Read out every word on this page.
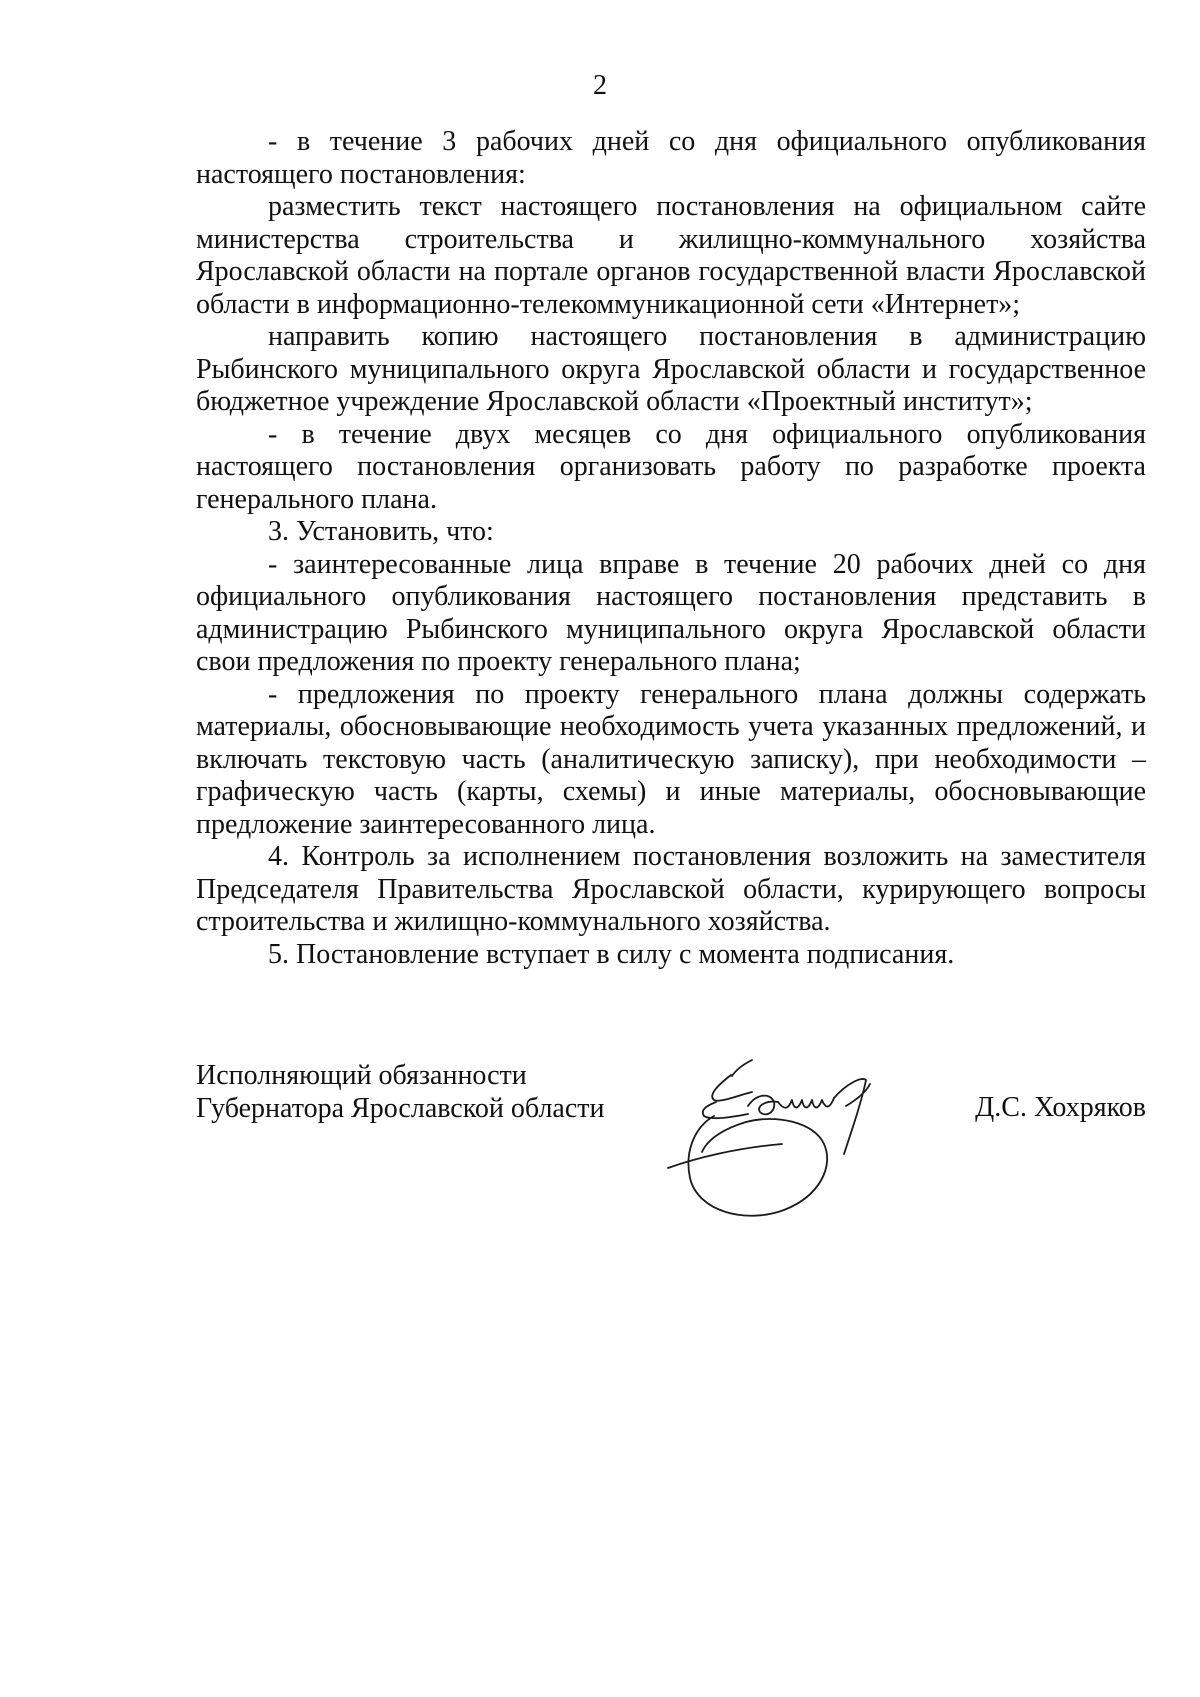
2

- в течение 3 рабочих дней со дня официального опубликования настоящего постановления:

разместить текст настоящего постановления на официальном сайте министерства строительства и жилищно-коммунального хозяйства Ярославской области на портале органов государственной власти Ярославской области в информационно-телекоммуникационной сети «Интернет»;

направить копию настоящего постановления в администрацию Рыбинского муниципального округа Ярославской области и государственное бюджетное учреждение Ярославской области «Проектный институт»;

- в течение двух месяцев со дня официального опубликования настоящего постановления организовать работу по разработке проекта генерального плана.

3. Установить, что:

- заинтересованные лица вправе в течение 20 рабочих дней со дня официального опубликования настоящего постановления представить в администрацию Рыбинского муниципального округа Ярославской области свои предложения по проекту генерального плана;

- предложения по проекту генерального плана должны содержать материалы, обосновывающие необходимость учета указанных предложений, и включать текстовую часть (аналитическую записку), при необходимости – графическую часть (карты, схемы) и иные материалы, обосновывающие предложение заинтересованного лица.

4. Контроль за исполнением постановления возложить на заместителя Председателя Правительства Ярославской области, курирующего вопросы строительства и жилищно-коммунального хозяйства.

5. Постановление вступает в силу с момента подписания.

Исполняющий обязанности
Губернатора Ярославской области	Д.С. Хохряков
